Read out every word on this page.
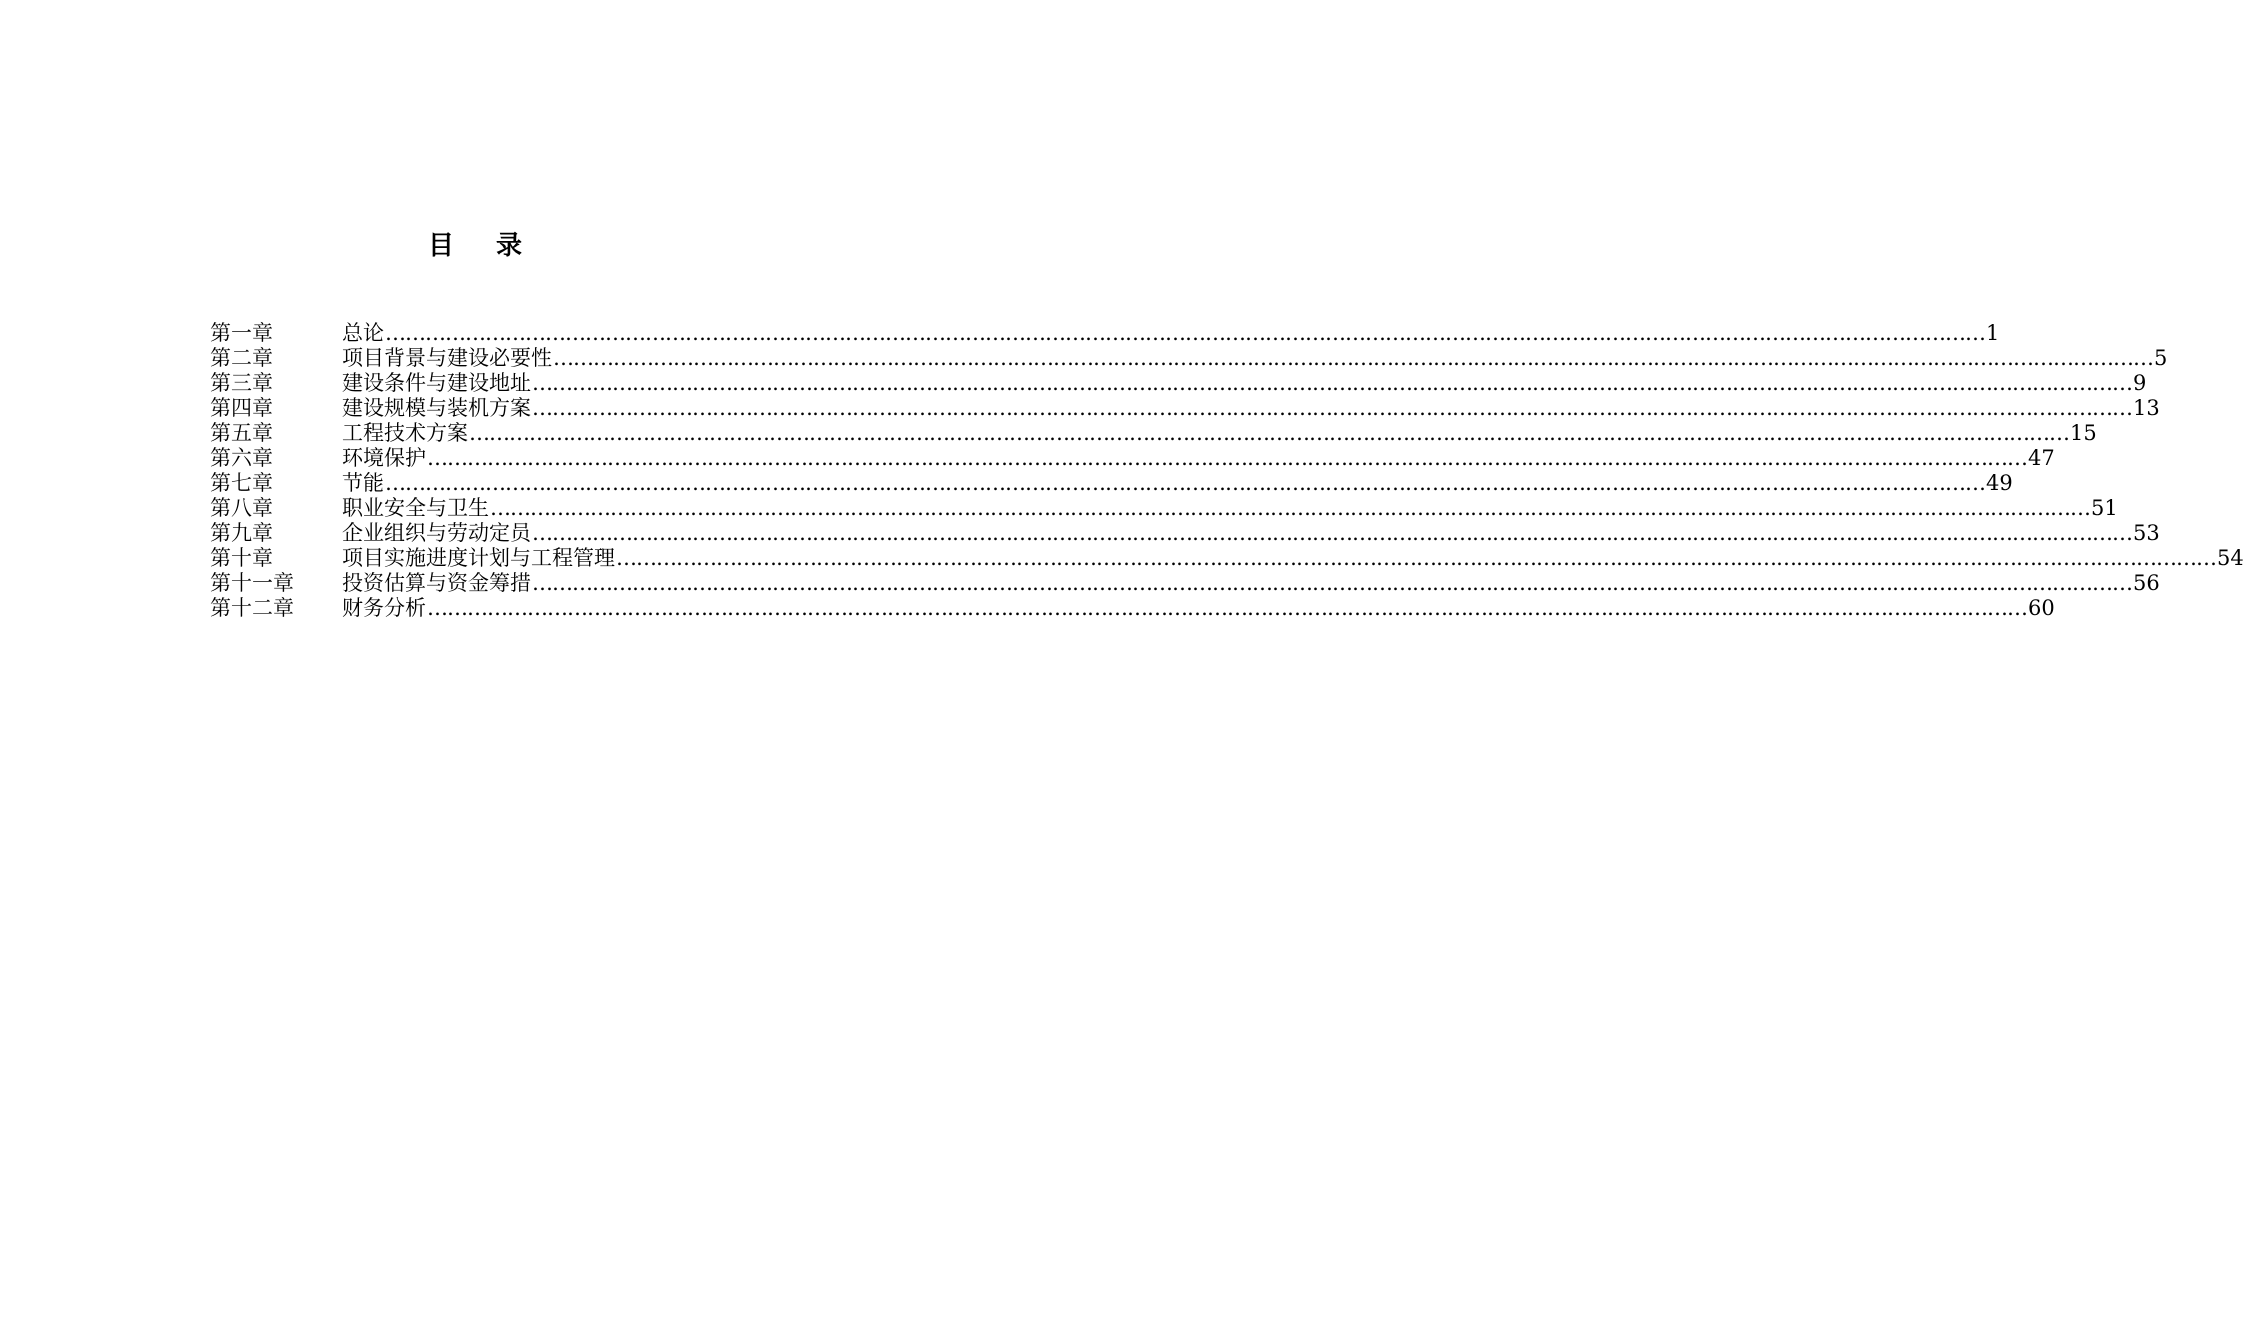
目 录
第一章	总论 …………………………………………………………………………………………………………………………………………………………………………………………………………………… 1
第二章	项目背景与建设必要性 …………………………………………………………………………………………………………………………………………………………………………………………………………………… 5
第三章	建设条件与建设地址 …………………………………………………………………………………………………………………………………………………………………………………………………………………… 9
第四章	建设规模与装机方案 …………………………………………………………………………………………………………………………………………………………………………………………………………………… 13
第五章	工程技术方案 …………………………………………………………………………………………………………………………………………………………………………………………………………………… 15
第六章	环境保护 …………………………………………………………………………………………………………………………………………………………………………………………………………………… 47
第七章	节能 …………………………………………………………………………………………………………………………………………………………………………………………………………………… 49
第八章	职业安全与卫生 …………………………………………………………………………………………………………………………………………………………………………………………………………………… 51
第九章	企业组织与劳动定员 …………………………………………………………………………………………………………………………………………………………………………………………………………………… 53
第十章	项目实施进度计划与工程管理 …………………………………………………………………………………………………………………………………………………………………………………………………………………… 54
第十一章	投资估算与资金筹措 …………………………………………………………………………………………………………………………………………………………………………………………………………………… 56
第十二章	财务分析 …………………………………………………………………………………………………………………………………………………………………………………………………………………… 60
